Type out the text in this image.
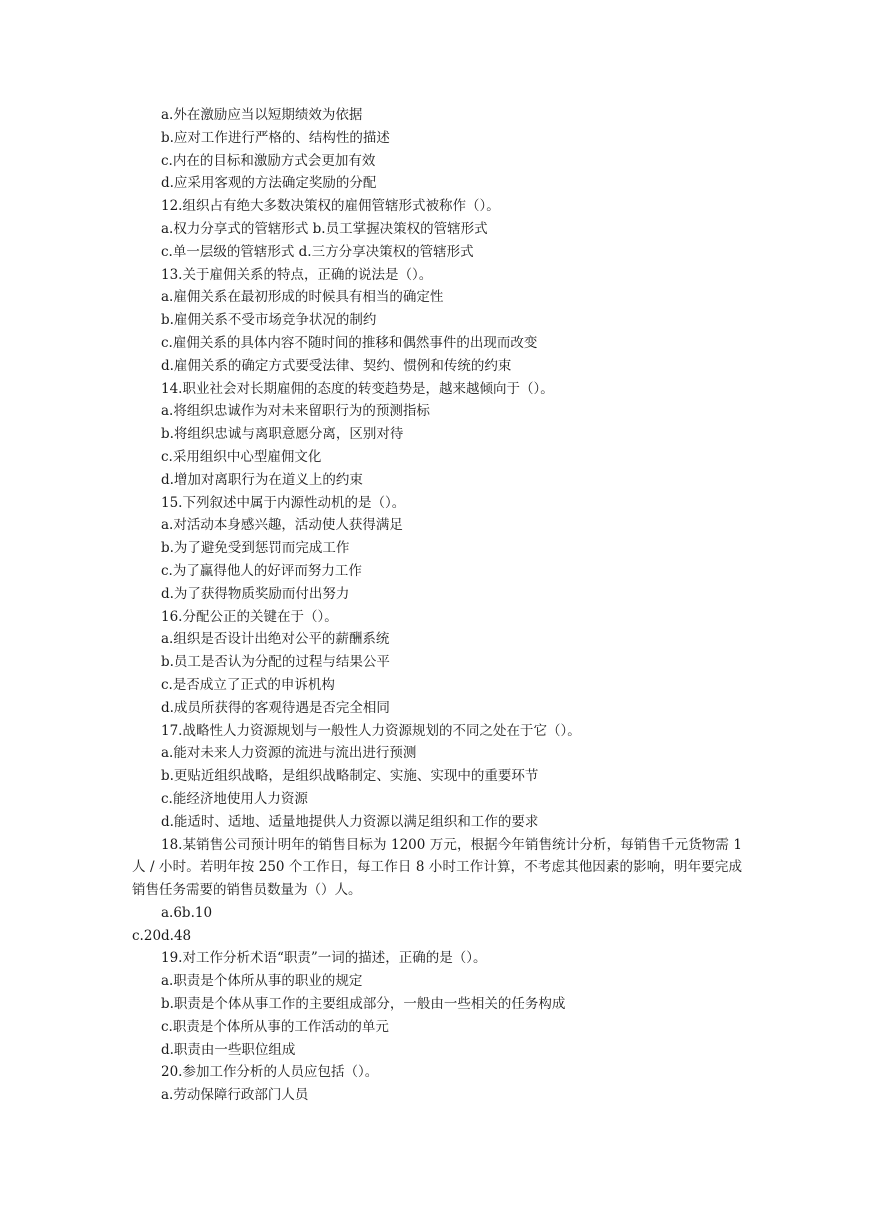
a.外在激励应当以短期绩效为依据
b.应对工作进行严格的、结构性的描述
c.内在的目标和激励方式会更加有效
d.应采用客观的方法确定奖励的分配
12.组织占有绝大多数决策权的雇佣管辖形式被称作（）。
a.权力分享式的管辖形式 b.员工掌握决策权的管辖形式
c.单一层级的管辖形式 d.三方分享决策权的管辖形式
13.关于雇佣关系的特点，正确的说法是（）。
a.雇佣关系在最初形成的时候具有相当的确定性
b.雇佣关系不受市场竞争状况的制约
c.雇佣关系的具体内容不随时间的推移和偶然事件的出现而改变
d.雇佣关系的确定方式要受法律、契约、惯例和传统的约束
14.职业社会对长期雇佣的态度的转变趋势是，越来越倾向于（）。
a.将组织忠诚作为对未来留职行为的预测指标
b.将组织忠诚与离职意愿分离，区别对待
c.采用组织中心型雇佣文化
d.增加对离职行为在道义上的约束
15.下列叙述中属于内源性动机的是（）。
a.对活动本身感兴趣，活动使人获得满足
b.为了避免受到惩罚而完成工作
c.为了赢得他人的好评而努力工作
d.为了获得物质奖励而付出努力
16.分配公正的关键在于（）。
a.组织是否设计出绝对公平的薪酬系统
b.员工是否认为分配的过程与结果公平
c.是否成立了正式的申诉机构
d.成员所获得的客观待遇是否完全相同
17.战略性人力资源规划与一般性人力资源规划的不同之处在于它（）。
a.能对未来人力资源的流进与流出进行预测
b.更贴近组织战略，是组织战略制定、实施、实现中的重要环节
c.能经济地使用人力资源
d.能适时、适地、适量地提供人力资源以满足组织和工作的要求
18.某销售公司预计明年的销售目标为 1200 万元，根据今年销售统计分析，每销售千元货物需 1 人 / 小时。若明年按 250 个工作日，每工作日 8 小时工作计算，不考虑其他因素的影响，明年要完成销售任务需要的销售员数量为（）人。
a.6b.10
c.20d.48
19.对工作分析术语“职责”一词的描述，正确的是（）。
a.职责是个体所从事的职业的规定
b.职责是个体从事工作的主要组成部分，一般由一些相关的任务构成
c.职责是个体所从事的工作活动的单元
d.职责由一些职位组成
20.参加工作分析的人员应包括（）。
a.劳动保障行政部门人员
